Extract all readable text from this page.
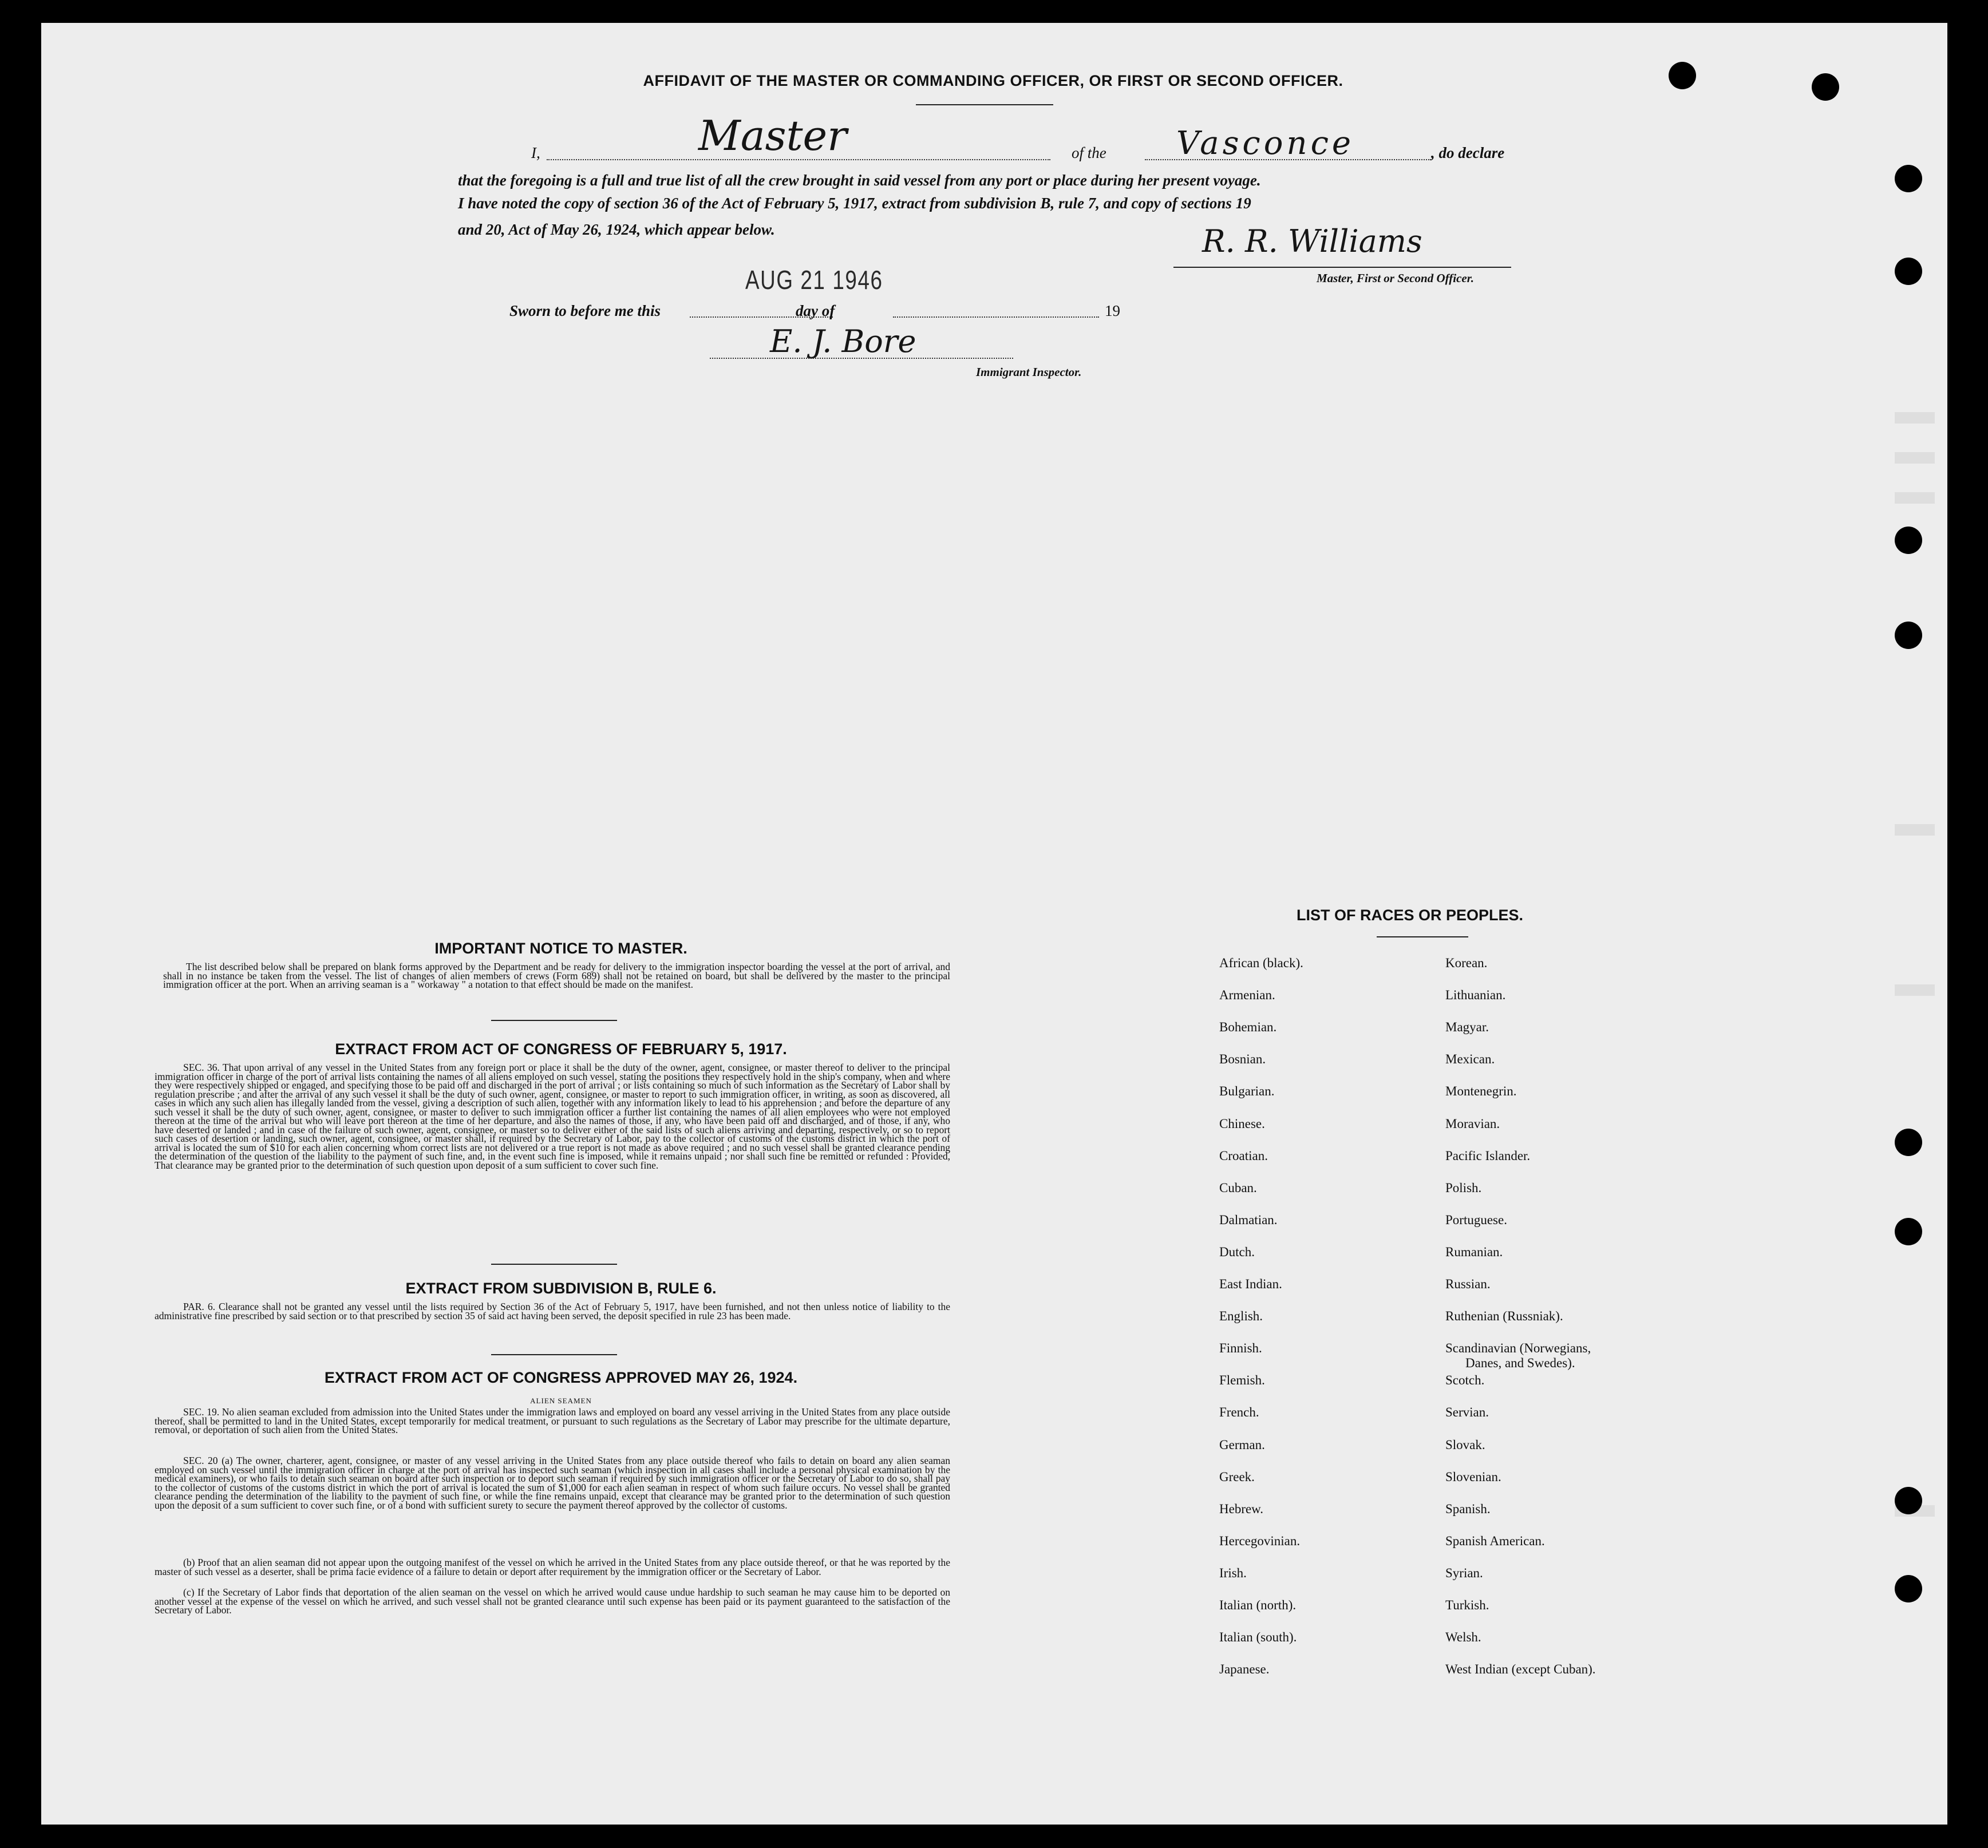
AFFIDAVIT OF THE MASTER OR COMMANDING OFFICER, OR FIRST OR SECOND OFFICER.
I,	Master	of the Vasconce	, do declare
that the foregoing is a full and true list of all the crew brought in said vessel from any port or place during her present voyage.
I have noted the copy of section 36 of the Act of February 5, 1917, extract from subdivision B, rule 7, and copy of sections 19
and 20, Act of May 26, 1924, which appear below.	R. R. Williams
Master, First or Second Officer.
AUG 21 1946
Sworn to before me this	day of	19
E. J. Bore
Immigrant Inspector.
IMPORTANT NOTICE TO MASTER.
The list described below shall be prepared on blank forms approved by the Department and be ready for delivery to the immigration inspector boarding the vessel at the port of arrival, and shall in no instance be taken from the vessel. The list of changes of alien members of crews (Form 689) shall not be retained on board, but shall be delivered by the master to the principal immigration officer at the port. When an arriving seaman is a " workaway " a notation to that effect should be made on the manifest.
EXTRACT FROM ACT OF CONGRESS OF FEBRUARY 5, 1917.
SEC. 36. That upon arrival of any vessel in the United States from any foreign port or place it shall be the duty of the owner, agent, consignee, or master thereof to deliver to the principal immigration officer in charge of the port of arrival lists containing the names of all aliens employed on such vessel, stating the positions they respectively hold in the ship's company, when and where they were respectively shipped or engaged, and specifying those to be paid off and discharged in the port of arrival ; or lists containing so much of such information as the Secretary of Labor shall by regulation prescribe ; and after the arrival of any such vessel it shall be the duty of such owner, agent, consignee, or master to report to such immigration officer, in writing, as soon as discovered, all cases in which any such alien has illegally landed from the vessel, giving a description of such alien, together with any information likely to lead to his apprehension ; and before the departure of any such vessel it shall be the duty of such owner, agent, consignee, or master to deliver to such immigration officer a further list containing the names of all alien employees who were not employed thereon at the time of the arrival but who will leave port thereon at the time of her departure, and also the names of those, if any, who have been paid off and discharged, and of those, if any, who have deserted or landed ; and in case of the failure of such owner, agent, consignee, or master so to deliver either of the said lists of such aliens arriving and departing, respectively, or so to report such cases of desertion or landing, such owner, agent, consignee, or master shall, if required by the Secretary of Labor, pay to the collector of customs of the customs district in which the port of arrival is located the sum of $10 for each alien concerning whom correct lists are not delivered or a true report is not made as above required ; and no such vessel shall be granted clearance pending the determination of the question of the liability to the payment of such fine, and, in the event such fine is imposed, while it remains unpaid ; nor shall such fine be remitted or refunded : Provided, That clearance may be granted prior to the determination of such question upon deposit of a sum sufficient to cover such fine.
EXTRACT FROM SUBDIVISION B, RULE 6.
PAR. 6. Clearance shall not be granted any vessel until the lists required by Section 36 of the Act of February 5, 1917, have been furnished, and not then unless notice of liability to the administrative fine prescribed by said section or to that prescribed by section 35 of said act having been served, the deposit specified in rule 23 has been made.
EXTRACT FROM ACT OF CONGRESS APPROVED MAY 26, 1924.
ALIEN SEAMEN
SEC. 19. No alien seaman excluded from admission into the United States under the immigration laws and employed on board any vessel arriving in the United States from any place outside thereof, shall be permitted to land in the United States, except temporarily for medical treatment, or pursuant to such regulations as the Secretary of Labor may prescribe for the ultimate departure, removal, or deportation of such alien from the United States.
SEC. 20 (a) The owner, charterer, agent, consignee, or master of any vessel arriving in the United States from any place outside thereof who fails to detain on board any alien seaman employed on such vessel until the immigration officer in charge at the port of arrival has inspected such seaman (which inspection in all cases shall include a personal physical examination by the medical examiners), or who fails to detain such seaman on board after such inspection or to deport such seaman if required by such immigration officer or the Secretary of Labor to do so, shall pay to the collector of customs of the customs district in which the port of arrival is located the sum of $1,000 for each alien seaman in respect of whom such failure occurs. No vessel shall be granted clearance pending the determination of the liability to the payment of such fine, or while the fine remains unpaid, except that clearance may be granted prior to the determination of such question upon the deposit of a sum sufficient to cover such fine, or of a bond with sufficient surety to secure the payment thereof approved by the collector of customs.
(b) Proof that an alien seaman did not appear upon the outgoing manifest of the vessel on which he arrived in the United States from any place outside thereof, or that he was reported by the master of such vessel as a deserter, shall be prima facie evidence of a failure to detain or deport after requirement by the immigration officer or the Secretary of Labor.
(c) If the Secretary of Labor finds that deportation of the alien seaman on the vessel on which he arrived would cause undue hardship to such seaman he may cause him to be deported on another vessel at the expense of the vessel on which he arrived, and such vessel shall not be granted clearance until such expense has been paid or its payment guaranteed to the satisfaction of the Secretary of Labor.
LIST OF RACES OR PEOPLES.
African (black).
Armenian.
Bohemian.
Bosnian.
Bulgarian.
Chinese.
Croatian.
Cuban.
Dalmatian.
Dutch.
East Indian.
English.
Finnish.
Flemish.
French.
German.
Greek.
Hebrew.
Hercegovinian.
Irish.
Italian (north).
Italian (south).
Japanese.
Korean.
Lithuanian.
Magyar.
Mexican.
Montenegrin.
Moravian.
Pacific Islander.
Polish.
Portuguese.
Rumanian.
Russian.
Ruthenian (Russniak).
Scandinavian (Norwegians,
Danes, and Swedes).
Scotch.
Servian.
Slovak.
Slovenian.
Spanish.
Spanish American.
Syrian.
Turkish.
Welsh.
West Indian (except Cuban).
